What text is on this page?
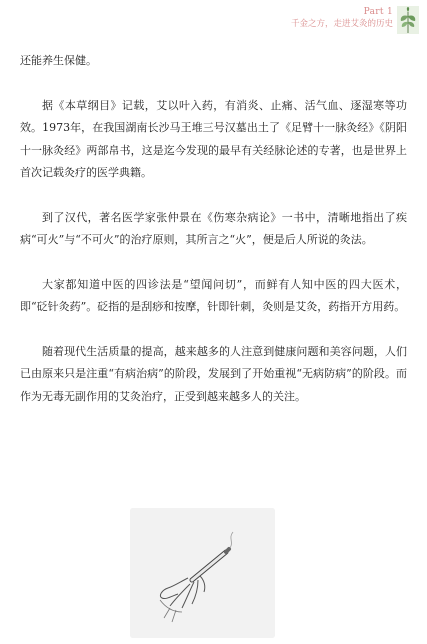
Part 1
千金之方，走进艾灸的历史

还能养生保健。

据《本草纲目》记载，艾以叶入药，有消炎、止痛、活气血、逐湿寒等功效。1973年，在我国湖南长沙马王堆三号汉墓出土了《足臂十一脉灸经》《阴阳十一脉灸经》两部帛书，这是迄今发现的最早有关经脉论述的专著，也是世界上首次记载灸疗的医学典籍。

到了汉代，著名医学家张仲景在《伤寒杂病论》一书中，清晰地指出了疾病“可火”与“不可火”的治疗原则，其所言之“火”，便是后人所说的灸法。

大家都知道中医的四诊法是“望闻问切”，而鲜有人知中医的四大医术，即“砭针灸药”。砭指的是刮痧和按摩，针即针刺，灸则是艾灸，药指开方用药。

随着现代生活质量的提高，越来越多的人注意到健康问题和美容问题，人们已由原来只是注重“有病治病”的阶段，发展到了开始重视“无病防病”的阶段。而作为无毒无副作用的艾灸治疗，正受到越来越多人的关注。
